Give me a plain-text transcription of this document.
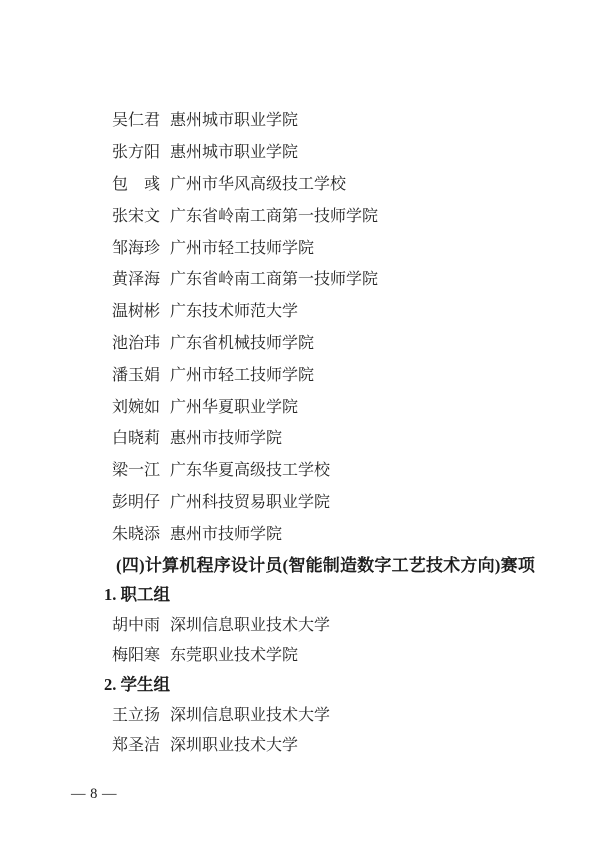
吴仁君 惠州城市职业学院
张方阳 惠州城市职业学院
包　彧 广州市华风高级技工学校
张宋文 广东省岭南工商第一技师学院
邹海珍 广州市轻工技师学院
黄泽海 广东省岭南工商第一技师学院
温树彬 广东技术师范大学
池治玮 广东省机械技师学院
潘玉娟 广州市轻工技师学院
刘婉如 广州华夏职业学院
白晓莉 惠州市技师学院
梁一江 广东华夏高级技工学校
彭明仔 广州科技贸易职业学院
朱晓添 惠州市技师学院
(四)计算机程序设计员(智能制造数字工艺技术方向)赛项
1. 职工组
胡中雨 深圳信息职业技术大学
梅阳寒 东莞职业技术学院
2. 学生组
王立扬 深圳信息职业技术大学
郑圣洁 深圳职业技术大学
— 8 —
